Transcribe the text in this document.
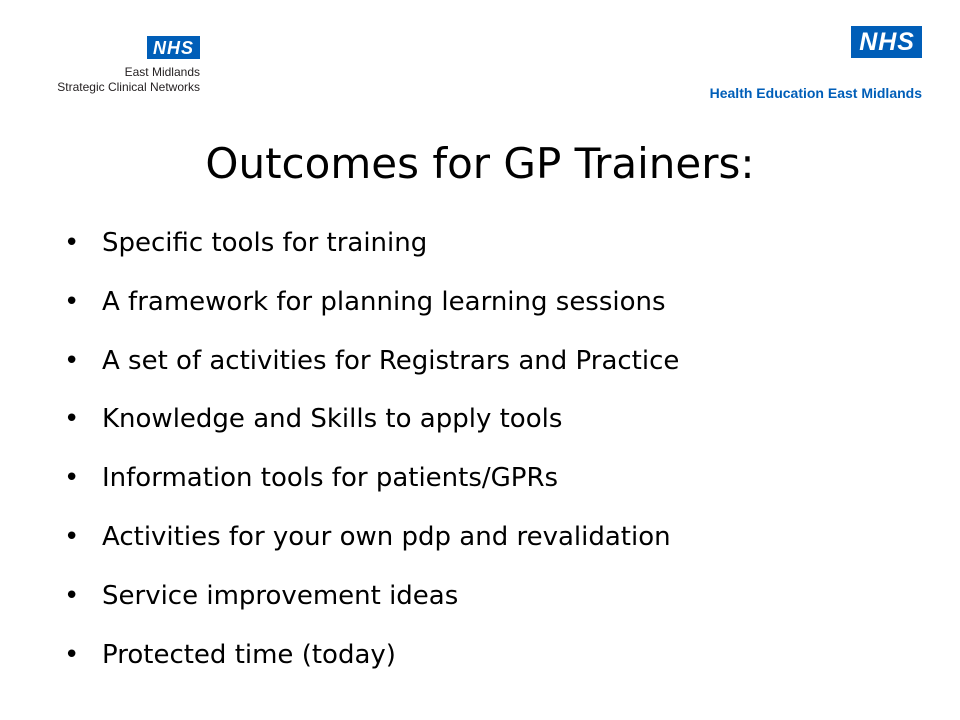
NHS
East Midlands
Strategic Clinical Networks
NHS
Health Education East Midlands
Outcomes for GP Trainers:
• Specific tools for training
• A framework for planning learning sessions
• A set of activities for Registrars and Practice
• Knowledge and Skills to apply tools
• Information tools for patients/GPRs
• Activities for your own pdp and revalidation
• Service improvement ideas
• Protected time (today)
